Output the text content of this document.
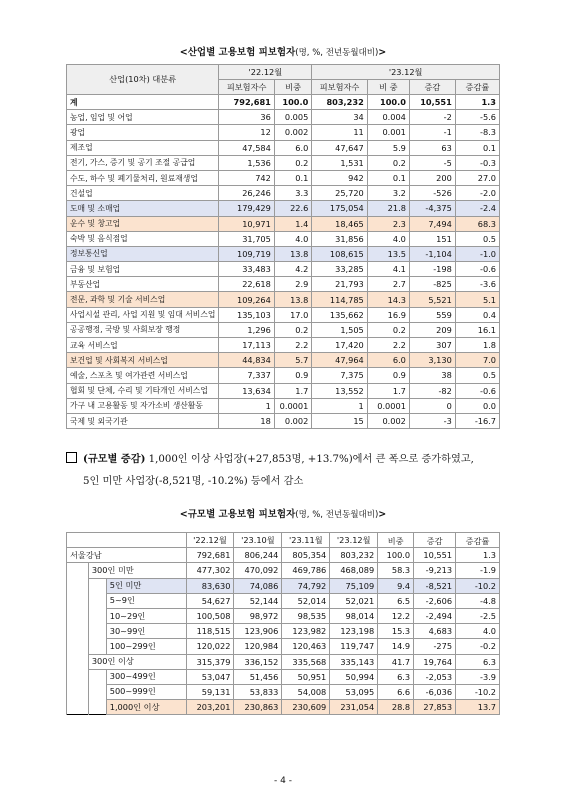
<산업별 고용보험 피보험자(명, %, 전년동월대비)>
산업(10차) 대분류	'22.12월		'23.12월			
	피보험자수	비중	피보험자수	비 중	증감	증감률
계	792,681	100.0	803,232	100.0	10,551	1.3
농업, 임업 및 어업	36	0.005	34	0.004	-2	-5.6
광업	12	0.002	11	0.001	-1	-8.3
제조업	47,584	6.0	47,647	5.9	63	0.1
전기, 가스, 증기 및 공기 조절 공급업	1,536	0.2	1,531	0.2	-5	-0.3
수도, 하수 및 폐기물처리, 원료재생업	742	0.1	942	0.1	200	27.0
건설업	26,246	3.3	25,720	3.2	-526	-2.0
도매 및 소매업	179,429	22.6	175,054	21.8	-4,375	-2.4
운수 및 창고업	10,971	1.4	18,465	2.3	7,494	68.3
숙박 및 음식점업	31,705	4.0	31,856	4.0	151	0.5
정보통신업	109,719	13.8	108,615	13.5	-1,104	-1.0
금융 및 보험업	33,483	4.2	33,285	4.1	-198	-0.6
부동산업	22,618	2.9	21,793	2.7	-825	-3.6
전문, 과학 및 기술 서비스업	109,264	13.8	114,785	14.3	5,521	5.1
사업시설 관리, 사업 지원 및 임대 서비스업	135,103	17.0	135,662	16.9	559	0.4
공공행정, 국방 및 사회보장 행정	1,296	0.2	1,505	0.2	209	16.1
교육 서비스업	17,113	2.2	17,420	2.2	307	1.8
보건업 및 사회복지 서비스업	44,834	5.7	47,964	6.0	3,130	7.0
예술, 스포츠 및 여가관련 서비스업	7,337	0.9	7,375	0.9	38	0.5
협회 및 단체, 수리 및 기타개인 서비스업	13,634	1.7	13,552	1.7	-82	-0.6
가구 내 고용활동 및 자가소비 생산활동	1	0.0001	1	0.0001	0	0.0
국제 및 외국기관	18	0.002	15	0.002	-3	-16.7
(규모별 증감) 1,000인 이상 사업장(+27,853명, +13.7%)에서 큰 폭으로 증가하였고,
5인 미만 사업장(-8,521명, -10.2%) 등에서 감소
<규모별 고용보험 피보험자(명, %, 전년동월대비)>
			'22.12월	'23.10월	'23.11월	'23.12월	비중	증감	증감률
서울강남			792,681	806,244	805,354	803,232	100.0	10,551	1.3
	300인 미만		477,302	470,092	469,786	468,089	58.3	-9,213	-1.9
		5인 미만	83,630	74,086	74,792	75,109	9.4	-8,521	-10.2
		5~9인	54,627	52,144	52,014	52,021	6.5	-2,606	-4.8
		10~29인	100,508	98,972	98,535	98,014	12.2	-2,494	-2.5
		30~99인	118,515	123,906	123,982	123,198	15.3	4,683	4.0
		100~299인	120,022	120,984	120,463	119,747	14.9	-275	-0.2
	300인 이상		315,379	336,152	335,568	335,143	41.7	19,764	6.3
		300~499인	53,047	51,456	50,951	50,994	6.3	-2,053	-3.9
		500~999인	59,131	53,833	54,008	53,095	6.6	-6,036	-10.2
		1,000인 이상	203,201	230,863	230,609	231,054	28.8	27,853	13.7
- 4 -
